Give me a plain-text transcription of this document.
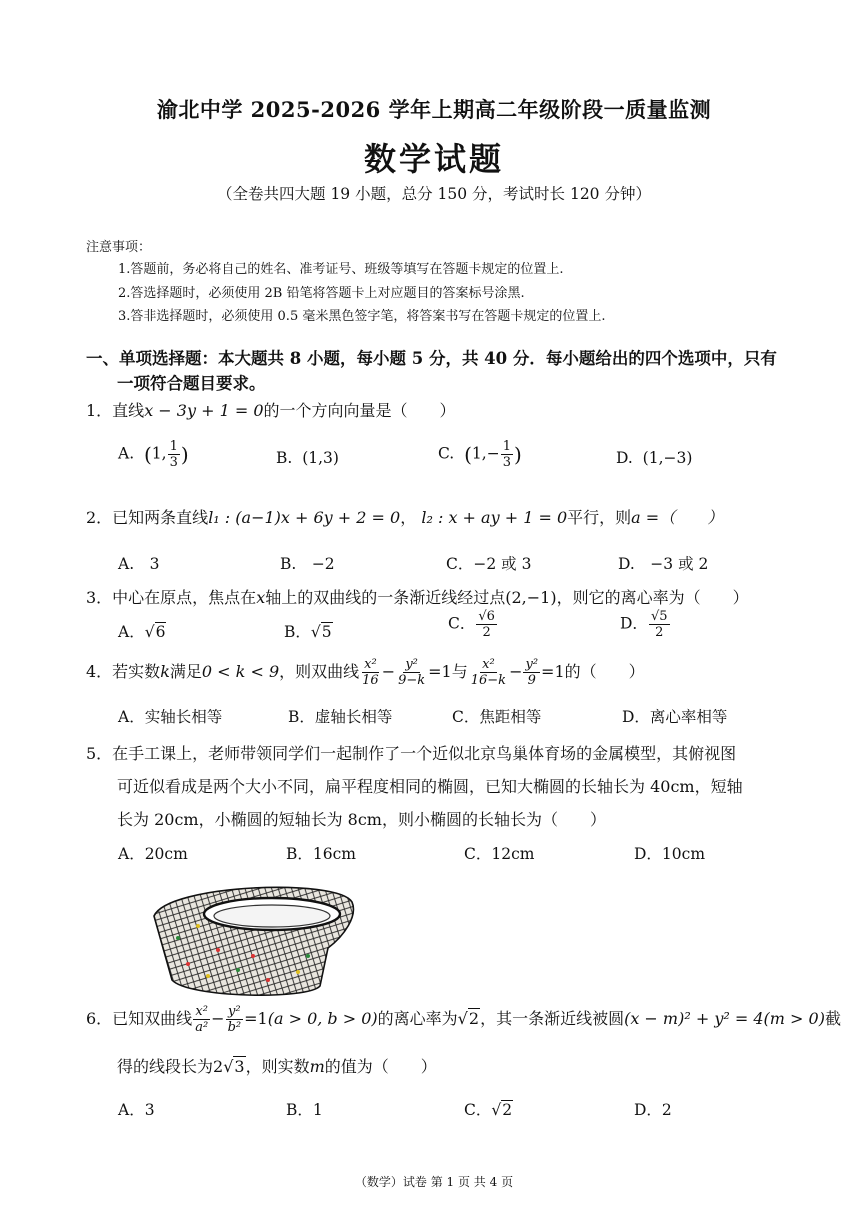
渝北中学 2025-2026 学年上期高二年级阶段一质量监测
数学试题
（全卷共四大题 19 小题，总分 150 分，考试时长 120 分钟）
注意事项：
1.答题前，务必将自己的姓名、准考证号、班级等填写在答题卡规定的位置上.
2.答选择题时，必须使用 2B 铅笔将答题卡上对应题目的答案标号涂黑.
3.答非选择题时，必须使用 0.5 毫米黑色签字笔，将答案书写在答题卡规定的位置上.
一、单项选择题：本大题共 8 小题，每小题 5 分，共 40 分．每小题给出的四个选项中，只有
一项符合题目要求。
1．直线x − 3y + 1 = 0的一个方向向量是（　　）
A. (1, $\frac{1}{3}$ )	B. (1,3)	C. ($1,- \frac{1}{3}$ )	D. (1,−3)
2．已知两条直线l₁ : (a−1)x + 6y + 2 = 0， l₂ : x + ay + 1 = 0平行，则a =（　　）
A.　3	B.　−2	C．−2 或 3	D.　−3 或 2
3．中心在原点，焦点在x轴上的双曲线的一条渐近线经过点(2,−1)，则它的离心率为（　　）
A．√6	B．√5	C． $\frac{√6}{2}$	D． $\frac{√5}{2}$
4．若实数k满足0 < k < 9，则双曲线 $\frac{\text{x²}}{16} - \frac{\text{y²}}{9-k} =1$与 $\frac{\text{x²}}{16-k} - \frac{\text{y²}}{9} =1$的（　　）
A．实轴长相等	B．虚轴长相等	C．焦距相等	D．离心率相等
5．在手工课上，老师带领同学们一起制作了一个近似北京鸟巢体育场的金属模型，其俯视图
可近似看成是两个大小不同，扁平程度相同的椭圆，已知大椭圆的长轴长为 40cm，短轴
长为 20cm，小椭圆的短轴长为 8cm，则小椭圆的长轴长为（　　）
A．20cm	B．16cm	C．12cm	D．10cm
6．已知双曲线 $\frac{\text{x²}}{\text{a²}} - \frac{\text{y²}}{\text{b²}} =1(a > 0$, b > 0)的离心率为√2，其一条渐近线被圆(x − m)² + y² = 4(m > 0)截
得的线段长为2√3，则实数m的值为（　　）
A．3	B．1	C．√2	D．2
（数学）试卷 第 1 页 共 4 页
